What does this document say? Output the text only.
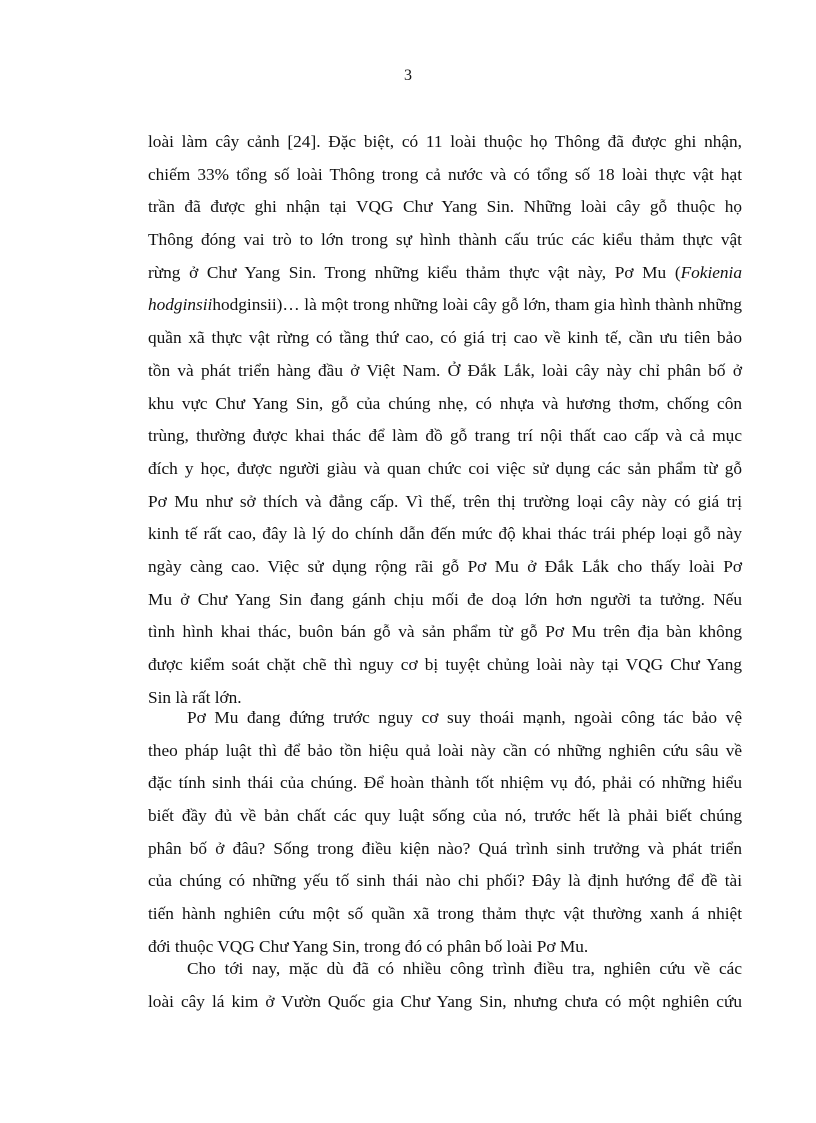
3
loài làm cây cảnh [24]. Đặc biệt, có 11 loài thuộc họ Thông đã được ghi nhận,
chiếm 33% tổng số loài Thông trong cả nước và có tổng số 18 loài thực vật hạt
trần đã được ghi nhận tại VQG Chư Yang Sin. Những loài cây gỗ thuộc họ
Thông đóng vai trò to lớn trong sự hình thành cấu trúc các kiểu thảm thực vật
rừng ở Chư Yang Sin. Trong những kiểu thảm thực vật này, Pơ Mu (Fokienia
hodginsiihodginsii)… là một trong những loài cây gỗ lớn, tham gia hình thành những
quần xã thực vật rừng có tầng thứ cao, có giá trị cao về kinh tế, cần ưu tiên bảo
tồn và phát triển hàng đầu ở Việt Nam. Ở Đắk Lắk, loài cây này chỉ phân bố ở
khu vực Chư Yang Sin, gỗ của chúng nhẹ, có nhựa và hương thơm, chống côn
trùng, thường được khai thác để làm đồ gỗ trang trí nội thất cao cấp và cả mục
đích y học, được người giàu và quan chức coi việc sử dụng các sản phẩm từ gỗ
Pơ Mu như sở thích và đẳng cấp. Vì thế, trên thị trường loại cây này có giá trị
kinh tế rất cao, đây là lý do chính dẫn đến mức độ khai thác trái phép loại gỗ này
ngày càng cao. Việc sử dụng rộng rãi gỗ Pơ Mu ở Đắk Lắk cho thấy loài Pơ
Mu ở Chư Yang Sin đang gánh chịu mối đe doạ lớn hơn người ta tưởng. Nếu
tình hình khai thác, buôn bán gỗ và sản phẩm từ gỗ Pơ Mu trên địa bàn không
được kiểm soát chặt chẽ thì nguy cơ bị tuyệt chủng loài này tại VQG Chư Yang
Sin là rất lớn.
Pơ Mu đang đứng trước nguy cơ suy thoái mạnh, ngoài công tác bảo vệ
theo pháp luật thì để bảo tồn hiệu quả loài này cần có những nghiên cứu sâu về
đặc tính sinh thái của chúng. Để hoàn thành tốt nhiệm vụ đó, phải có những hiểu
biết đầy đủ về bản chất các quy luật sống của nó, trước hết là phải biết chúng
phân bố ở đâu? Sống trong điều kiện nào? Quá trình sinh trưởng và phát triển
của chúng có những yếu tố sinh thái nào chi phối? Đây là định hướng để đề tài
tiến hành nghiên cứu một số quần xã trong thảm thực vật thường xanh á nhiệt
đới thuộc VQG Chư Yang Sin, trong đó có phân bố loài Pơ Mu.
Cho tới nay, mặc dù đã có nhiều công trình điều tra, nghiên cứu về các
loài cây lá kim ở Vườn Quốc gia Chư Yang Sin, nhưng chưa có một nghiên cứu
